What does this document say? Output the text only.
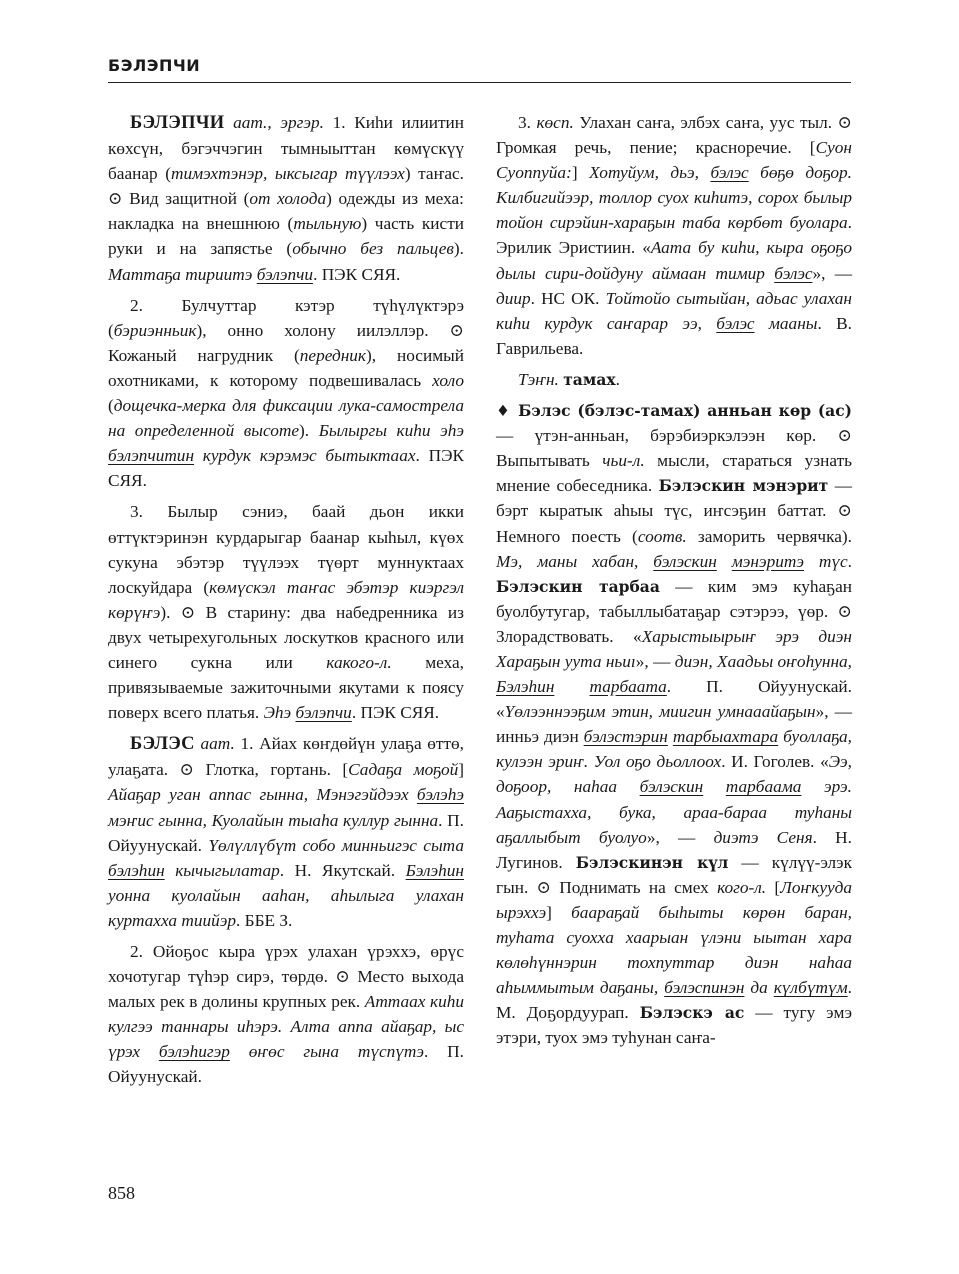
БЭЛЭПЧИ

БЭЛЭПЧИ аат., эргэр. 1. Киһи илиитин көхсүн, бэгэччэгин тымныыттан көмүскүү баанар (тимэхтэнэр, ыксыгар түүлээх) таҥас. ⊙ Вид защитной (от холода) одежды из меха: накладка на внешнюю (тыльную) часть кисти руки и на запястье (обычно без пальцев). Маттаҕа тириитэ бэлэпчи. ПЭК СЯЯ.

2. Булчуттар кэтэр түһүлүктэрэ (бэриэнньик), онно холону иилэллэр. ⊙ Кожаный нагрудник (передник), носимый охотниками, к которому подвешивалась холо (дощечка-мерка для фиксации лука-самострела на определенной высоте). Былыргы киһи эһэ бэлэпчитин курдук кэрэмэс бытыктаах. ПЭК СЯЯ.

3. Былыр сэниэ, баай дьон икки өттүктэринэн курдарыгар баанар кыһыл, күөх сукуна эбэтэр түүлээх түөрт муннуктаах лоскуйдара (көмүскэл таҥас эбэтэр киэргэл көрүҥэ). ⊙ В старину: два набедренника из двух четырехугольных лоскутков красного или синего сукна или какого-л. меха, привязываемые зажиточными якутами к поясу поверх всего платья. Эһэ бэлэпчи. ПЭК СЯЯ.

БЭЛЭС аат. 1. Айах көҥдөйүн улаҕа өттө, улаҕата. ⊙ Глотка, гортань. [Садаҕа моҕой] Айаҕар уган аппас гынна, Мэнэгэйдээх бэлэһэ мэҥис гынна, Куолайын тыаһа куллур гынна. П. Ойуунускай. Үөлүллүбүт собо минньигэс сыта бэлэһин кычыгылатар. Н. Якутскай. Бэлэһин уонна куолайын ааһан, аһылыга улахан куртахха тиийэр. ББЕ З.

2. Ойоҕос кыра үрэх улахан үрэххэ, өрүс хочотугар түһэр сирэ, төрдө. ⊙ Место выхода малых рек в долины крупных рек. Аттаах киһи кулгээ таннары иһэрэ. Алта аппа айаҕар, ыс үрэх бэлэһигэр өҥөс гына түспүтэ. П. Ойуунускай.

3. көсп. Улахан саҥа, элбэх саҥа, уус тыл. ⊙ Громкая речь, пение; красноречие. [Суон Суоппуйа:] Хотуйум, дьэ, бэлэс бөҕө доҕор. Килбигийээр, толлор суох киһитэ, сорох былыр тойон сирэйин-хараҕын таба көрбөт буолара. Эрилик Эристиин. «Аата бу киһи, кыра оҕоҕо дылы сири-дойдуну аймаан тимир бэлэс», — диир. НС ОК. Тойтойо сытыйан, адьас улахан киһи курдук саҥарар ээ, бэлэс мааны. В. Гаврильева.

Тэҥн. тамах.

♦ Бэлэс (бэлэс-тамах) анньан көр (ас) — үтэн-анньан, бэрэбиэркэлээн көр. ⊙ Выпытывать чьи-л. мысли, стараться узнать мнение собеседника. Бэлэскин мэнэрит — бэрт кыратык аһыы түс, иҥсэҕин баттат. ⊙ Немного поесть (соотв. заморить червячка). Мэ, маны хабан, бэлэскин мэнэритэ түс. Бэлэскин тарбаа — ким эмэ куһаҕан буолбутугар, табыллыбатаҕар сэтэрээ, үөр. ⊙ Злорадствовать. «Харыстыырыҥ эрэ диэн Хараҕын уута ньиı», — диэн, Хаадьы оҥоһуннa, Бэлэһин тарбаата. П. Ойуунускай. «Үөлээннээҕим этин, миигин умнааайаҕын», — инньэ диэн бэлэстэрин тарбыахтара буоллаҕа, кулээн эриҥ. Уол оҕо дьоллоох. И. Гоголев. «Ээ, доҕоор, наһаа бэлэскин тарбаама эрэ. Ааҕыстахха, бука, араа-бараа туһаны аҕаллыбыт буолуо», — диэтэ Сеня. Н. Лугинов. Бэлэскинэн күл — күлүү-элэк гын. ⊙ Поднимать на смех кого-л. [Лоҥкууда ырэххэ] баараҕай быһыты көрөн баран, туһата суоххa хаарыан үлэни ыытан хара көлөһүннэрин тохпуттар диэн наһаа аһыммытым даҕаны, бэлэспинэн да күлбүтүм. М. Доҕордуурап. Бэлэскэ ас — тугу эмэ этэри, туох эмэ туһунан саҥа-

858
